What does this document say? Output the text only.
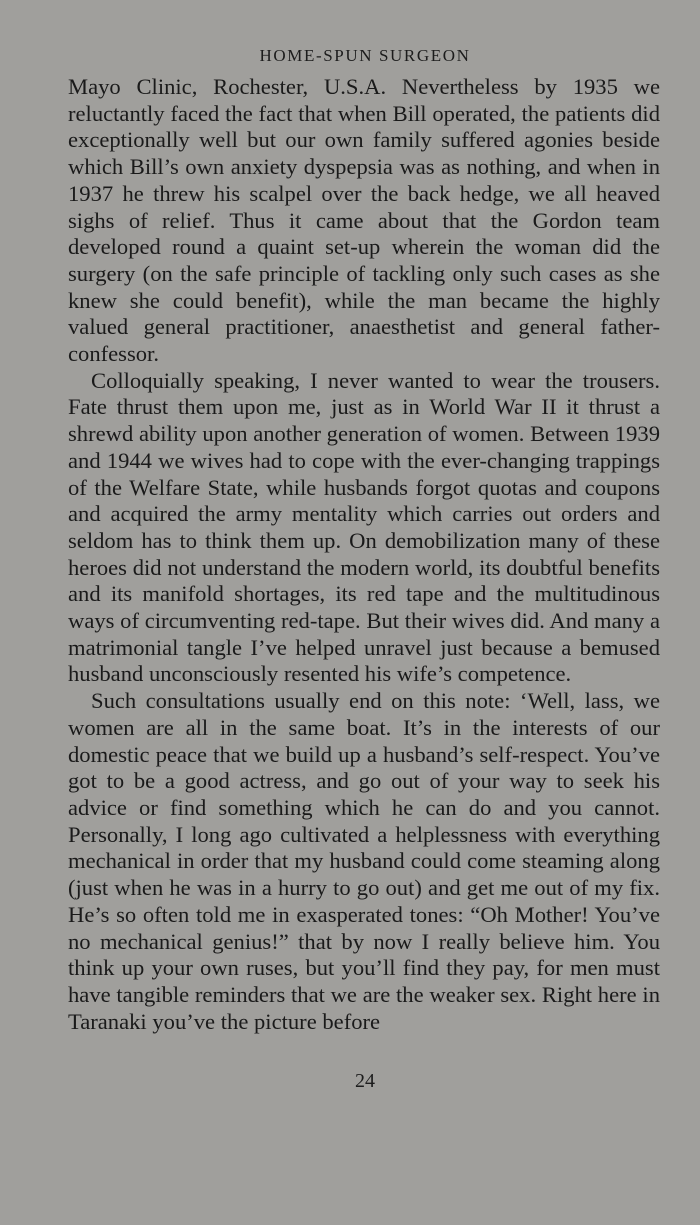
HOME-SPUN SURGEON

Mayo Clinic, Rochester, U.S.A. Nevertheless by 1935 we reluctantly faced the fact that when Bill operated, the patients did exceptionally well but our own family suffered agonies beside which Bill’s own anxiety dyspepsia was as nothing, and when in 1937 he threw his scalpel over the back hedge, we all heaved sighs of relief. Thus it came about that the Gordon team developed round a quaint set-up wherein the woman did the surgery (on the safe principle of tackling only such cases as she knew she could benefit), while the man became the highly valued general practitioner, anaesthetist and general father-confessor.

Colloquially speaking, I never wanted to wear the trousers. Fate thrust them upon me, just as in World War II it thrust a shrewd ability upon another generation of women. Between 1939 and 1944 we wives had to cope with the ever-changing trappings of the Welfare State, while husbands forgot quotas and coupons and acquired the army mentality which carries out orders and seldom has to think them up. On demobilization many of these heroes did not understand the modern world, its doubtful benefits and its manifold shortages, its red tape and the multitudinous ways of circumventing red-tape. But their wives did. And many a matrimonial tangle I’ve helped unravel just because a bemused husband unconsciously resented his wife’s competence.

Such consultations usually end on this note: ‘Well, lass, we women are all in the same boat. It’s in the interests of our domestic peace that we build up a husband’s self-respect. You’ve got to be a good actress, and go out of your way to seek his advice or find something which he can do and you cannot. Personally, I long ago cultivated a helplessness with everything mechanical in order that my husband could come steaming along (just when he was in a hurry to go out) and get me out of my fix. He’s so often told me in exasperated tones: “Oh Mother! You’ve no mechanical genius!” that by now I really believe him. You think up your own ruses, but you’ll find they pay, for men must have tangible reminders that we are the weaker sex. Right here in Taranaki you’ve the picture before

24
